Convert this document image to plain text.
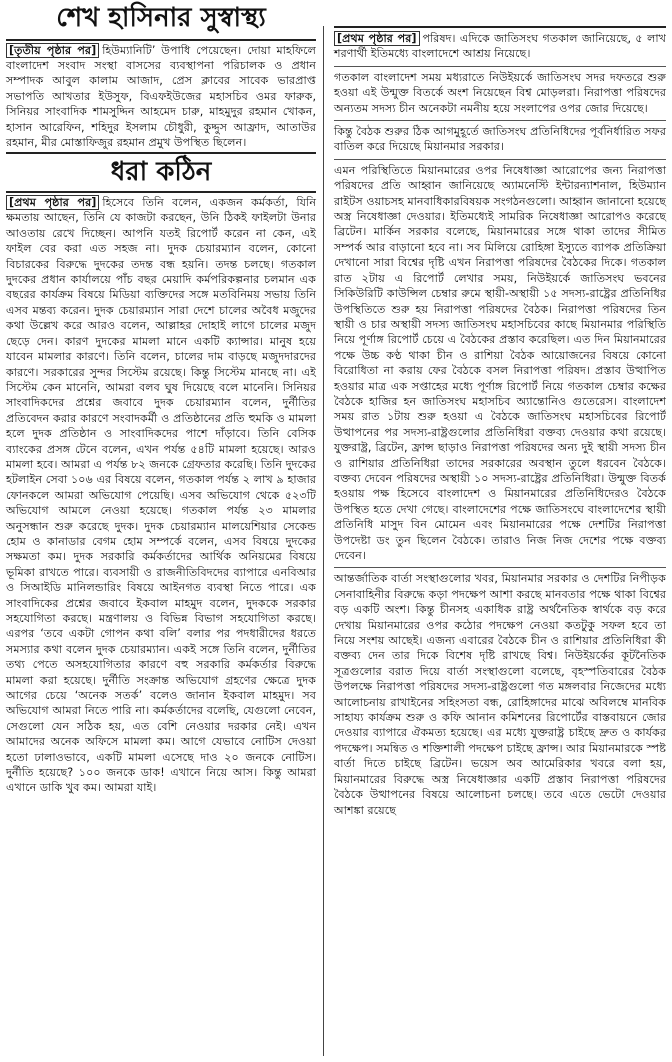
শেখ হাসিনার সুস্বাস্থ্য

[তৃতীয় পৃষ্ঠার পর] হিউম্যানিটি’ উপাধি পেয়েছেন। দোয়া মাহফিলে বাংলাদেশ সংবাদ সংস্থা বাসসের ব্যবস্থাপনা পরিচালক ও প্রধান সম্পাদক আবুল কালাম আজাদ, প্রেস ক্লাবের সাবেক ভারপ্রাপ্ত সভাপতি আখতার ইউসুফ, বিএফইউজের মহাসচিব ওমর ফারুক, সিনিয়র সাংবাদিক শামসুদ্দিন আহমেদ চারু, মাহমুদুর রহমান খোকন, হাসান আরেফিন, শহিদুর ইসলাম চৌধুরী, কুদ্দুস আফ্রাদ, আতাউর রহমান, মীর মোস্তাফিজুর রহমান প্রমুখ উপস্থিত ছিলেন।

ধরা কঠিন

[প্রথম পৃষ্ঠার পর] হিসেবে তিনি বলেন, একজন কর্মকর্তা, যিনি ক্ষমতায় আছেন, তিনি যে কাজটা করছেন, উনি ঠিকই ফাইলটা উনার আওতায় রেখে দিচ্ছেন। আপনি যতই রিপোর্ট করেন না কেন, এই ফাইল বের করা এত সহজ না। দুদক চেয়ারম্যান বলেন, কোনো বিচারকের বিরুদ্ধে দুদকের তদন্ত বন্ধ হয়নি। তদন্ত চলছে। গতকাল দুদকের প্রধান কার্যালয়ে পাঁচ বছর মেয়াদি কর্মপরিকল্পনার চলমান এক বছরের কার্যক্রম বিষয়ে মিডিয়া ব্যক্তিদের সঙ্গে মতবিনিময় সভায় তিনি এসব মন্তব্য করেন। দুদক চেয়ারম্যান সারা দেশে চালের অবৈধ মজুদের কথা উল্লেখ করে আরও বলেন, আল্লাহর দোহাই লাগে চালের মজুদ ছেড়ে দেন। কারণ দুদকের মামলা মানে একটি ক্যান্সার। মানুষ হয়ে যাবেন মামলার কারণে। তিনি বলেন, চালের দাম বাড়ছে মজুদদারদের কারণে। সরকারের সুন্দর সিস্টেম রয়েছে। কিন্তু সিস্টেম মানছে না। এই সিস্টেম কেন মানেনি, আমরা বলব ঘুষ দিয়েছে বলে মানেনি। সিনিয়র সাংবাদিকদের প্রশ্নের জবাবে দুদক চেয়ারম্যান বলেন, দুর্নীতির প্রতিবেদন করার কারণে সংবাদকর্মী ও প্রতিষ্ঠানের প্রতি হুমকি ও মামলা হলে দুদক প্রতিষ্ঠান ও সাংবাদিকদের পাশে দাঁড়াবে। তিনি বেসিক ব্যাংকের প্রসঙ্গ টেনে বলেন, এখন পর্যন্ত ৫৪টি মামলা হয়েছে। আরও মামলা হবে। আমরা এ পর্যন্ত ৮২ জনকে গ্রেফতার করেছি। তিনি দুদকের হটলাইন সেবা ১০৬ এর বিষয়ে বলেন, গতকাল পর্যন্ত ২ লাখ ৯ হাজার ফোনকলে আমরা অভিযোগ পেয়েছি। এসব অভিযোগ থেকে ৫২৩টি অভিযোগ আমলে নেওয়া হয়েছে। গতকাল পর্যন্ত ২৩ মামলার অনুসন্ধান শুরু করেছে দুদক। দুদক চেয়ারম্যান মালয়েশিয়ার সেকেন্ড হোম ও কানাডার বেগম হোম সম্পর্কে বলেন, এসব বিষয়ে দুদকের সক্ষমতা কম। দুদক সরকারি কর্মকর্তাদের আর্থিক অনিয়মের বিষয়ে ভূমিকা রাখতে পারে। ব্যবসায়ী ও রাজনীতিবিদদের ব্যাপারে এনবিআর ও সিআইডি মানিলন্ডারিং বিষয়ে আইনগত ব্যবস্থা নিতে পারে। এক সাংবাদিকের প্রশ্নের জবাবে ইকবাল মাহমুদ বলেন, দুদককে সরকার সহযোগিতা করছে। মন্ত্রণালয় ও বিভিন্ন বিভাগ সহযোগিতা করছে। এরপর ‘তবে একটা গোপন কথা বলি’ বলার পর পদধারীদের ধরতে সমস্যার কথা বলেন দুদক চেয়ারম্যান। একই সঙ্গে তিনি বলেন, দুর্নীতির তথ্য পেতে অসহযোগিতার কারণে বহু সরকারি কর্মকর্তার বিরুদ্ধে মামলা করা হয়েছে। দুর্নীতি সংক্রান্ত অভিযোগ গ্রহণের ক্ষেত্রে দুদক আগের চেয়ে ‘অনেক সতর্ক’ বলেও জানান ইকবাল মাহমুদ। সব অভিযোগ আমরা নিতে পারি না। কর্মকর্তাদের বলেছি, যেগুলো নেবেন, সেগুলো যেন সঠিক হয়, এত বেশি নেওয়ার দরকার নেই। এখন আমাদের অনেক অফিসে মামলা কম। আগে যেভাবে নোটিস দেওয়া হতো ঢালাওভাবে, একটি মামলা এসেছে দাও ২০ জনকে নোটিস। দুর্নীতি হয়েছে? ১০০ জনকে ডাক! এখানে নিয়ে আস। কিন্তু আমরা এখানে ডাকি খুব কম। আমরা যাই।

[প্রথম পৃষ্ঠার পর] পরিষদ। এদিকে জাতিসংঘ গতকাল জানিয়েছে, ৫ লাখ শরণার্থী ইতিমধ্যে বাংলাদেশে আশ্রয় নিয়েছে।

গতকাল বাংলাদেশ সময় মধ্যরাতে নিউইয়র্কে জাতিসংঘ সদর দফতরে শুরু হওয়া এই উন্মুক্ত বিতর্কে অংশ নিয়েছেন বিশ্ব মোড়লরা। নিরাপত্তা পরিষদের অন্যতম সদস্য চীন অনেকটা নমনীয় হয়ে সংলাপের ওপর জোর দিয়েছে।

কিন্তু বৈঠক শুরুর ঠিক আগমুহূর্তে জাতিসংঘ প্রতিনিধিদের পূর্বনির্ধারিত সফর বাতিল করে দিয়েছে মিয়ানমার সরকার।

এমন পরিস্থিতিতে মিয়ানমারের ওপর নিষেধাজ্ঞা আরোপের জন্য নিরাপত্তা পরিষদের প্রতি আহ্বান জানিয়েছে অ্যামনেস্টি ইন্টারন্যাশনাল, হিউম্যান রাইটস ওয়াচসহ মানবাধিকারবিষয়ক সংগঠনগুলো। আহ্বান জানানো হয়েছে অস্ত্র নিষেধাজ্ঞা দেওয়ার। ইতিমধ্যেই সামরিক নিষেধাজ্ঞা আরোপও করেছে ব্রিটেন। মার্কিন সরকার বলেছে, মিয়ানমারের সঙ্গে থাকা তাদের সীমিত সম্পর্ক আর বাড়ানো হবে না। সব মিলিয়ে রোহিঙ্গা ইস্যুতে ব্যাপক প্রতিক্রিয়া দেখানো সারা বিশ্বের দৃষ্টি এখন নিরাপত্তা পরিষদের বৈঠকের দিকে। গতকাল রাত ২টায় এ রিপোর্ট লেখার সময়, নিউইয়র্কে জাতিসংঘ ভবনের সিকিউরিটি কাউন্সিল চেম্বার রুমে স্থায়ী-অস্থায়ী ১৫ সদস্য-রাষ্ট্রের প্রতিনিধির উপস্থিতিতে শুরু হয় নিরাপত্তা পরিষদের বৈঠক। নিরাপত্তা পরিষদের তিন স্থায়ী ও চার অস্থায়ী সদস্য জাতিসংঘ মহাসচিবের কাছে মিয়ানমার পরিস্থিতি নিয়ে পূর্ণাঙ্গ রিপোর্ট চেয়ে এ বৈঠকের প্রস্তাব করেছিল। এত দিন মিয়ানমারের পক্ষে উচ্চ কণ্ঠ থাকা চীন ও রাশিয়া বৈঠক আয়োজনের বিষয়ে কোনো বিরোধিতা না করায় ফের বৈঠকে বসল নিরাপত্তা পরিষদ। প্রস্তাব উত্থাপিত হওয়ার মাত্র এক সপ্তাহের মধ্যে পূর্ণাঙ্গ রিপোর্ট নিয়ে গতকাল চেম্বার কক্ষের বৈঠকে হাজির হন জাতিসংঘ মহাসচিব অ্যান্তোনিও গুতেরেস। বাংলাদেশ সময় রাত ১টায় শুরু হওয়া এ বৈঠকে জাতিসংঘ মহাসচিবের রিপোর্ট উত্থাপনের পর সদস্য-রাষ্ট্রগুলোর প্রতিনিধিরা বক্তব্য দেওয়ার কথা রয়েছে। যুক্তরাষ্ট্র, ব্রিটেন, ফ্রান্স ছাড়াও নিরাপত্তা পরিষদের অন্য দুই স্থায়ী সদস্য চীন ও রাশিয়ার প্রতিনিধিরা তাদের সরকারের অবস্থান তুলে ধরবেন বৈঠকে। বক্তব্য দেবেন পরিষদের অস্থায়ী ১০ সদস্য-রাষ্ট্রের প্রতিনিধিরা। উন্মুক্ত বিতর্ক হওয়ায় পক্ষ হিসেবে বাংলাদেশ ও মিয়ানমারের প্রতিনিধিদেরও বৈঠকে উপস্থিত হতে দেখা গেছে। বাংলাদেশের পক্ষে জাতিসংঘে বাংলাদেশের স্থায়ী প্রতিনিধি মাসুদ বিন মোমেন এবং মিয়ানমারের পক্ষে দেশটির নিরাপত্তা উপদেষ্টা ডং তুন ছিলেন বৈঠকে। তারাও নিজ নিজ দেশের পক্ষে বক্তব্য দেবেন।

আন্তর্জাতিক বার্তা সংস্থাগুলোর খবর, মিয়ানমার সরকার ও দেশটির নিপীড়ক সেনাবাহিনীর বিরুদ্ধে কড়া পদক্ষেপ আশা করছে মানবতার পক্ষে থাকা বিশ্বের বড় একটি অংশ। কিন্তু চীনসহ একাধিক রাষ্ট্র অর্থনৈতিক স্বার্থকে বড় করে দেখায় মিয়ানমারের ওপর কঠোর পদক্ষেপ নেওয়া কতটুকু সফল হবে তা নিয়ে সংশয় আছেই। এজন্য এবারের বৈঠকে চীন ও রাশিয়ার প্রতিনিধিরা কী বক্তব্য দেন তার দিকে বিশেষ দৃষ্টি রাখছে বিশ্ব। নিউইয়র্কের কূটনৈতিক সূত্রগুলোর বরাত দিয়ে বার্তা সংস্থাগুলো বলেছে, বৃহস্পতিবারের বৈঠক উপলক্ষে নিরাপত্তা পরিষদের সদস্য-রাষ্ট্রগুলো গত মঙ্গলবার নিজেদের মধ্যে আলোচনায় রাখাইনের সহিংসতা বন্ধ, রোহিঙ্গাদের মাঝে অবিলম্বে মানবিক সাহায্য কার্যক্রম শুরু ও কফি আনান কমিশনের রিপোর্টের বাস্তবায়নে জোর দেওয়ার ব্যাপারে ঐকমত্য হয়েছে। এর মধ্যে যুক্তরাষ্ট্র চাইছে দ্রুত ও কার্যকর পদক্ষেপ। সমন্বিত ও শক্তিশালী পদক্ষেপ চাইছে ফ্রান্স। আর মিয়ানমারকে স্পষ্ট বার্তা দিতে চাইছে ব্রিটেন। ভয়েস অব আমেরিকার খবরে বলা হয়, মিয়ানমারের বিরুদ্ধে অস্ত্র নিষেধাজ্ঞার একটি প্রস্তাব নিরাপত্তা পরিষদের বৈঠকে উত্থাপনের বিষয়ে আলোচনা চলছে। তবে এতে ভেটো দেওয়ার আশঙ্কা রয়েছে
